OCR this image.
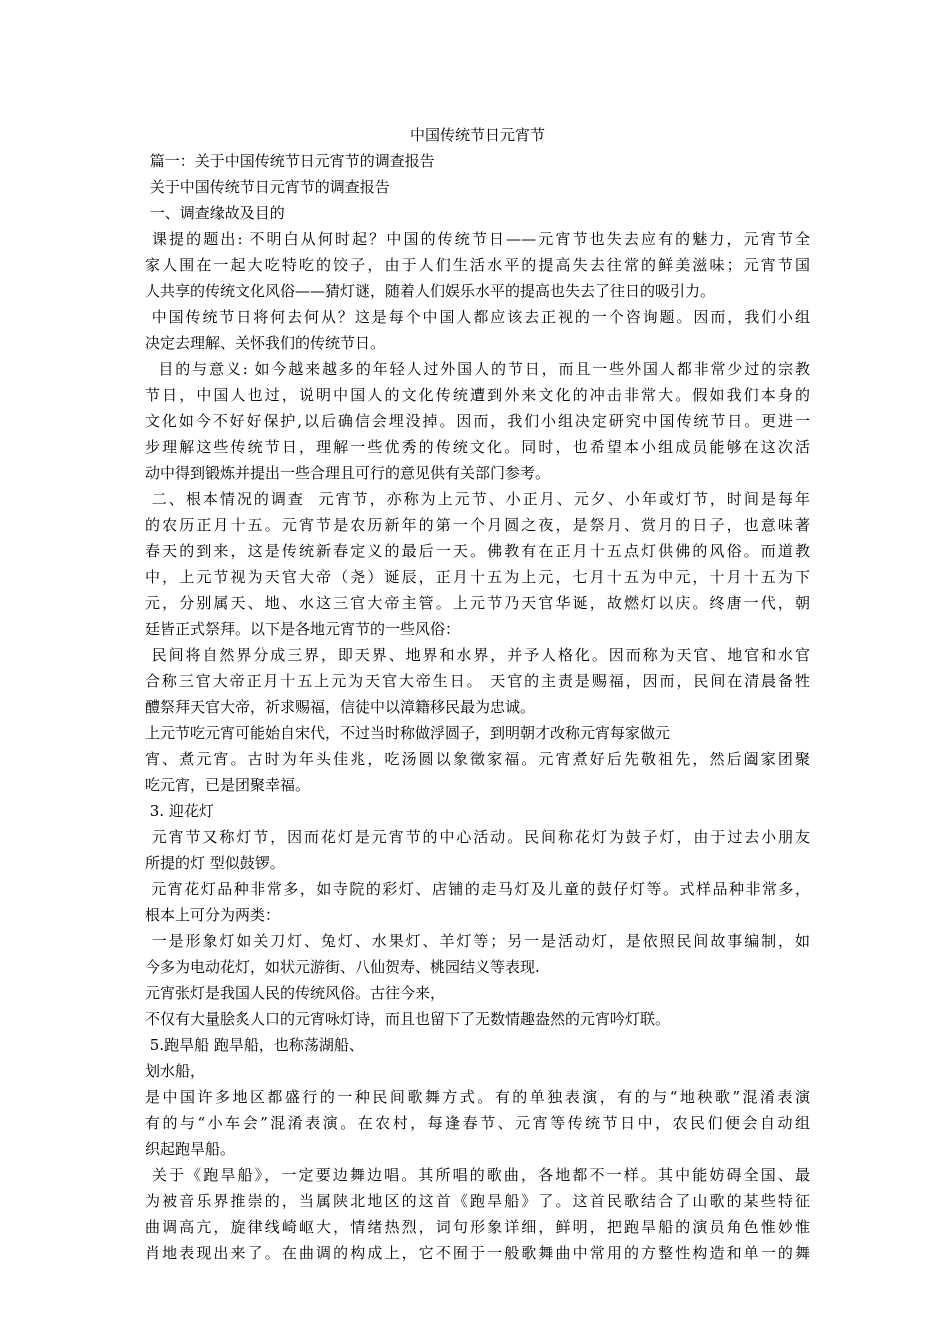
中国传统节日元宵节
篇一：关于中国传统节日元宵节的调查报告
关于中国传统节日元宵节的调查报告
一、调查缘故及目的
课提的题出: 不明白从何时起？中国的传统节日——元宵节也失去应有的魅力，元宵节全
家人围在一起大吃特吃的饺子，由于人们生活水平的提高失去往常的鲜美滋味；元宵节国
人共享的传统文化风俗——猜灯谜，随着人们娱乐水平的提高也失去了往日的吸引力。
中国传统节日将何去何从？这是每个中国人都应该去正视的一个咨询题。因而，我们小组
决定去理解、关怀我们的传统节日。
目的与意义: 如今越来越多的年轻人过外国人的节日，而且一些外国人都非常少过的宗教
节日，中国人也过，说明中国人的文化传统遭到外来文化的冲击非常大。假如我们本身的
文化如今不好好保护,以后确信会埋没掉。因而，我们小组决定研究中国传统节日。更进一
步理解这些传统节日，理解一些优秀的传统文化。同时，也希望本小组成员能够在这次活
动中得到锻炼并提出一些合理且可行的意见供有关部门参考。
二、根本情况的调查  元宵节，亦称为上元节、小正月、元夕、小年或灯节，时间是每年
的农历正月十五。元宵节是农历新年的第一个月圆之夜，是祭月、赏月的日子，也意味著
春天的到来，这是传统新春定义的最后一天。佛教有在正月十五点灯供佛的风俗。而道教
中，上元节视为天官大帝（尧）诞辰，正月十五为上元，七月十五为中元，十月十五为下
元，分别属天、地、水这三官大帝主管。上元节乃天官华诞，故燃灯以庆。终唐一代，朝
廷皆正式祭拜。以下是各地元宵节的一些风俗：
民间将自然界分成三界，即天界、地界和水界，并予人格化。因而称为天官、地官和水官
合称三官大帝正月十五上元为天官大帝生日。 天官的主责是赐福，因而，民间在清晨备牲
醴祭拜天官大帝，祈求赐福，信徒中以漳籍移民最为忠诚。
上元节吃元宵可能始自宋代，不过当时称做浮圆子，到明朝才改称元宵每家做元
宵、煮元宵。古时为年头佳兆，吃汤圆以象徵家福。元宵煮好后先敬祖先，然后阖家团聚
吃元宵，已是团聚幸福。
3. 迎花灯
元宵节又称灯节，因而花灯是元宵节的中心活动。民间称花灯为鼓子灯，由于过去小朋友
所提的灯 型似鼓锣。
元宵花灯品种非常多，如寺院的彩灯、店铺的走马灯及儿童的鼓仔灯等。式样品种非常多，
根本上可分为两类：
一是形象灯如关刀灯、兔灯、水果灯、羊灯等；另一是活动灯，是依照民间故事编制，如
今多为电动花灯，如状元游街、八仙贺寿、桃园结义等表现.
元宵张灯是我国人民的传统风俗。古往今来，
不仅有大量脍炙人口的元宵咏灯诗，而且也留下了无数情趣盎然的元宵吟灯联。
5.跑旱船 跑旱船，也称荡湖船、
划水船，
是中国许多地区都盛行的一种民间歌舞方式。有的单独表演，有的与“地秧歌”混淆表演
有的与“小车会”混淆表演。在农村，每逢春节、元宵等传统节日中，农民们便会自动组
织起跑旱船。
关于《跑旱船》，一定要边舞边唱。其所唱的歌曲，各地都不一样。其中能妨碍全国、最
为被音乐界推崇的，当属陕北地区的这首《跑旱船》了。这首民歌结合了山歌的某些特征
曲调高亢，旋律线崎岖大，情绪热烈，词句形象详细，鲜明，把跑旱船的演员角色惟妙惟
肖地表现出来了。在曲调的构成上，它不囿于一般歌舞曲中常用的方整性构造和单一的舞
